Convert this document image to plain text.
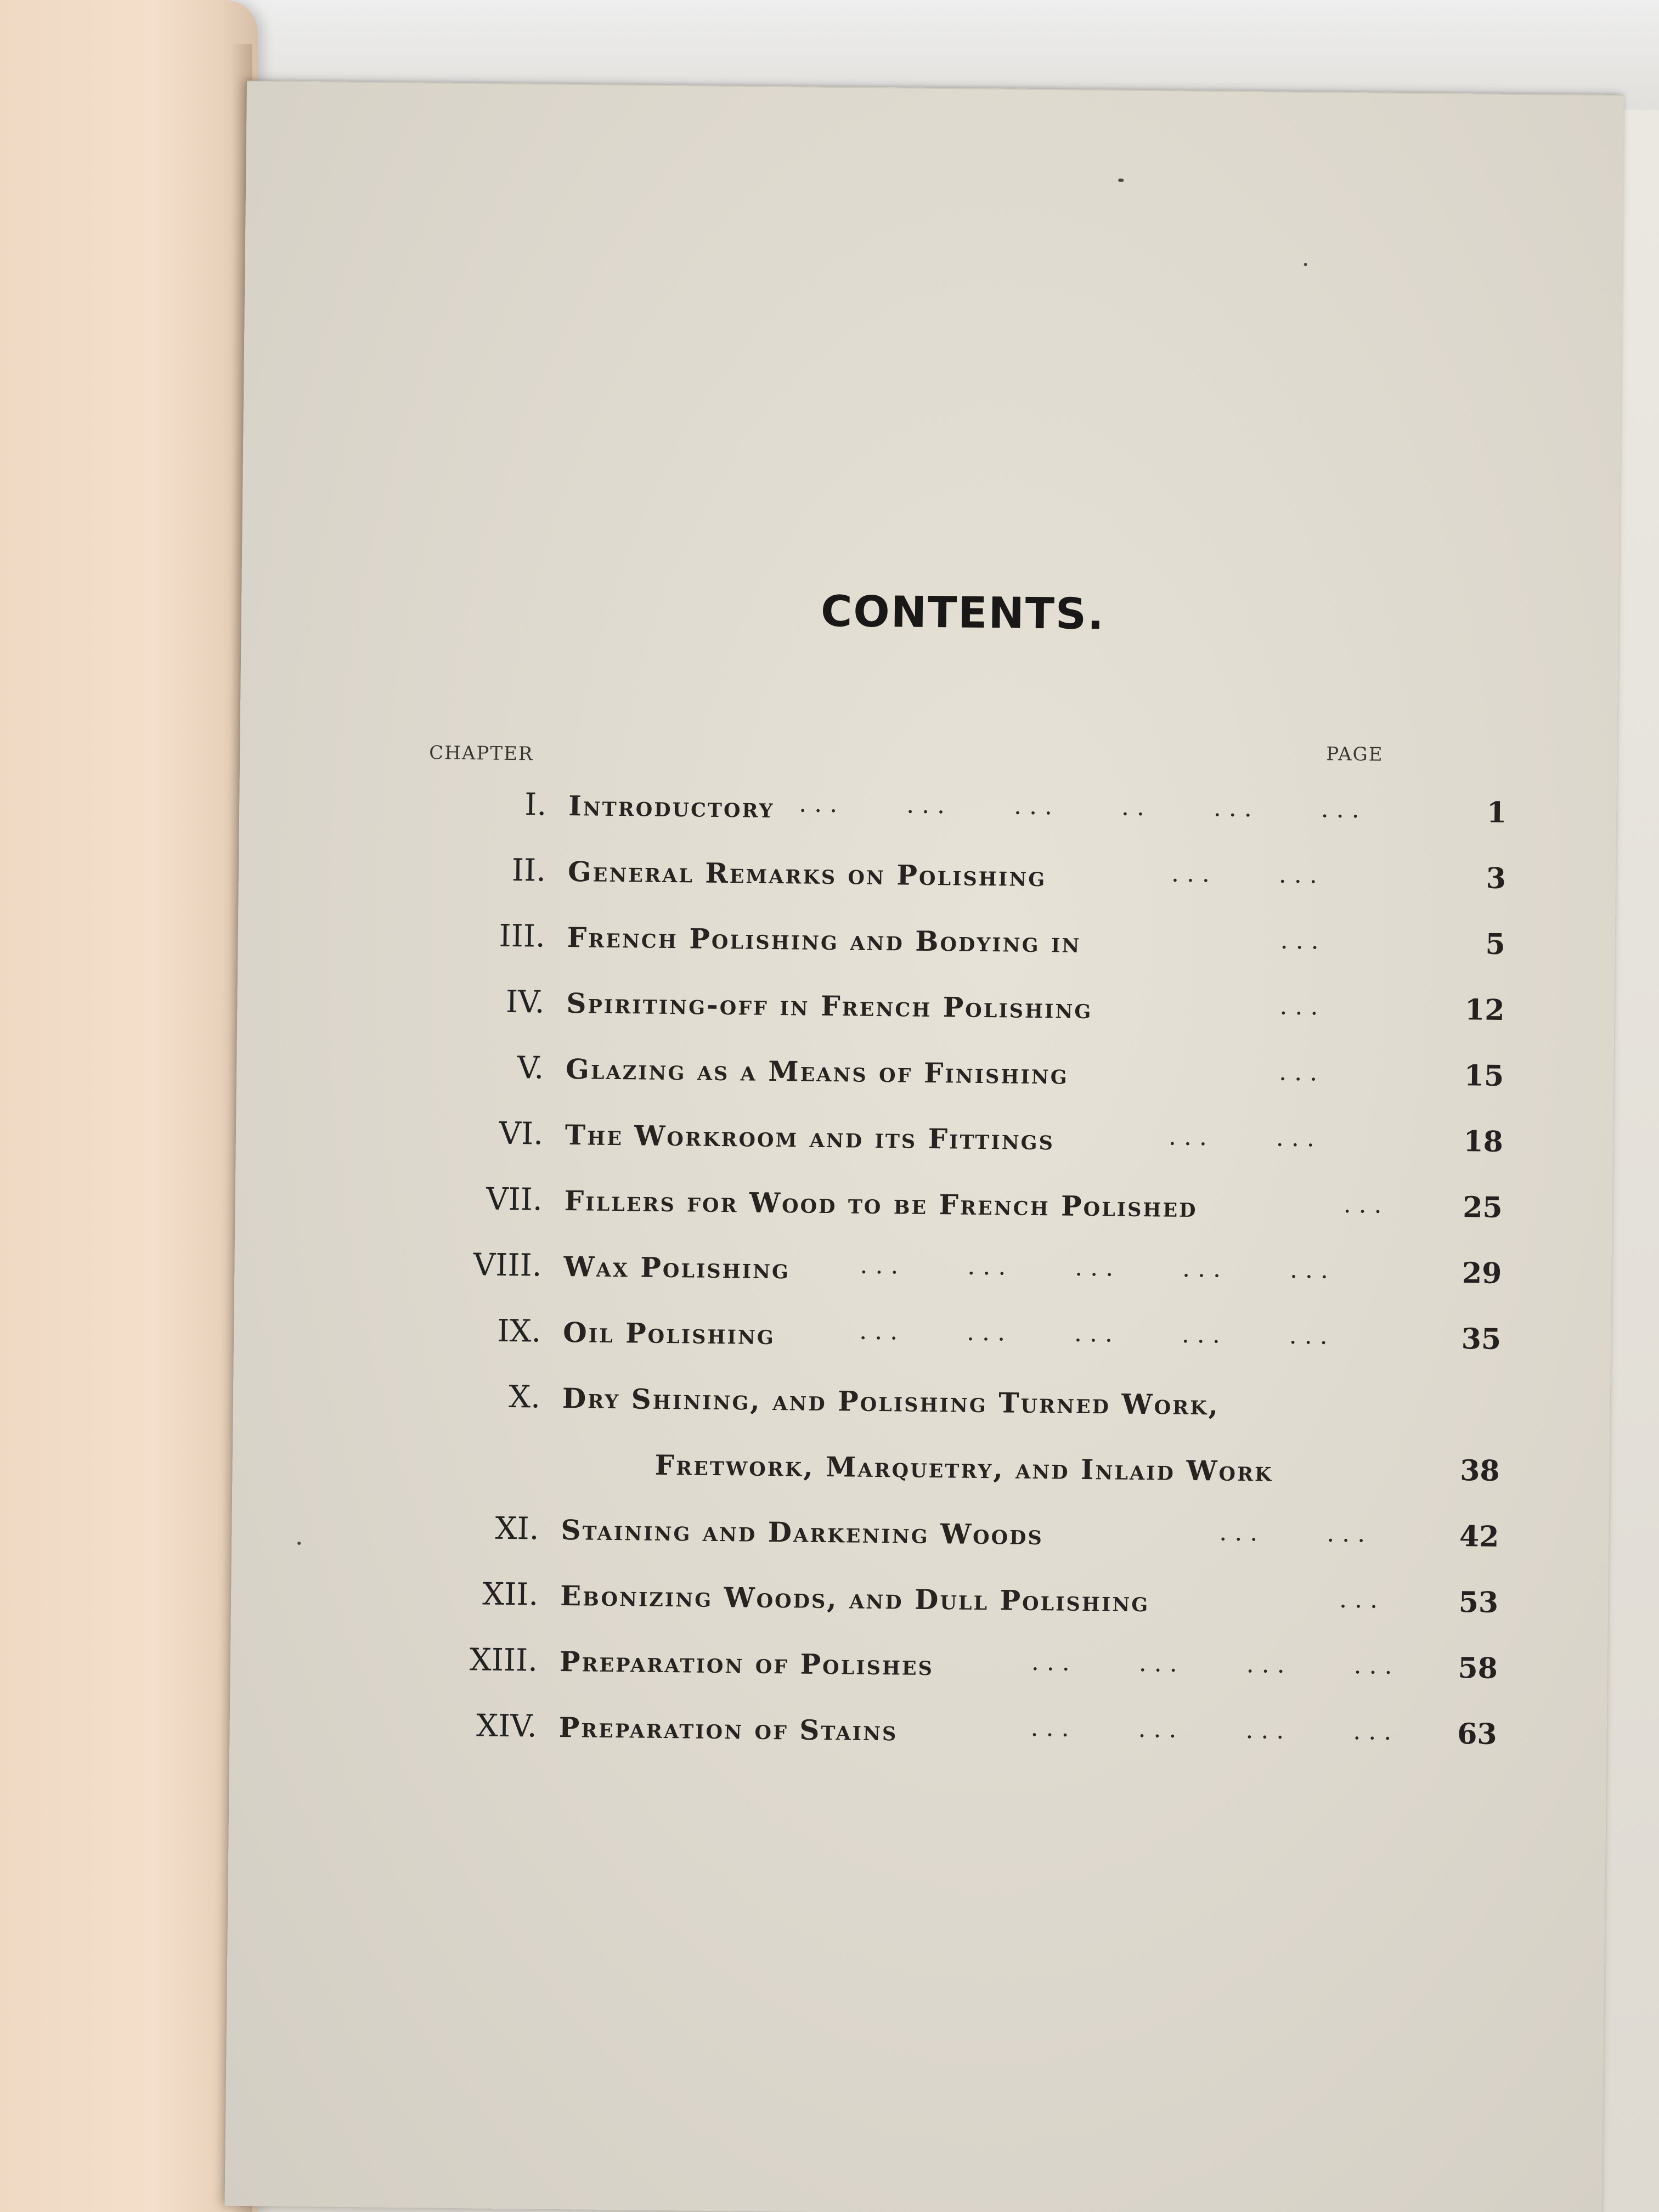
CONTENTS.
CHAPTER	PAGE
I. Introductory ...    ...    ...    ..    ...    ...	1
II. General Remarks on Polishing	...    ...	3
III. French Polishing and Bodying in	...	5
IV. Spiriting-off in French Polishing	...	12
V. Glazing as a Means of Finishing	...	15
VI. The Workroom and its Fittings	...    ...	18
VII. Fillers for Wood to be French Polished	...	25
VIII. Wax Polishing	...    ...    ...    ...    ...	29
IX. Oil Polishing	...    ...    ...    ...    ...	35
X. Dry Shining, and Polishing Turned Work,
Fretwork, Marquetry, and Inlaid Work	38
XI. Staining and Darkening Woods	...    ...	42
XII. Ebonizing Woods, and Dull Polishing	...	53
XIII. Preparation of Polishes	...    ...    ...    ...	58
XIV. Preparation of Stains	...    ...    ...    ...	63
